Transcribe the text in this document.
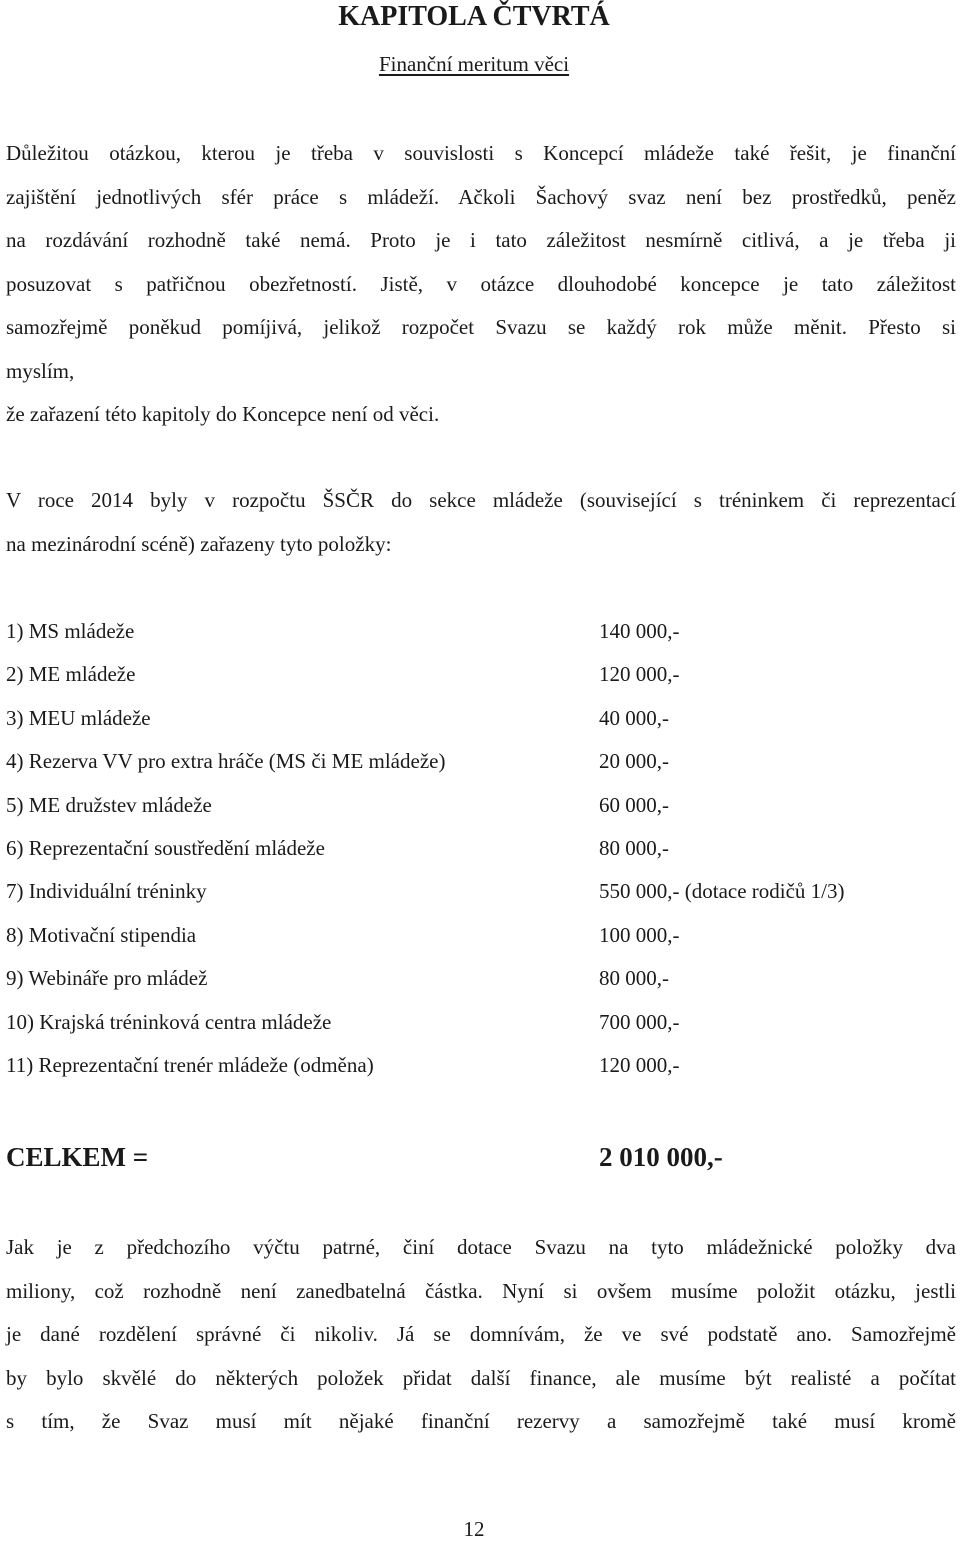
KAPITOLA ČTVRTÁ
Finanční meritum věci
Důležitou otázkou, kterou je třeba v souvislosti s Koncepcí mládeže také řešit, je finanční
zajištění jednotlivých sfér práce s mládeží. Ačkoli Šachový svaz není bez prostředků, peněz
na rozdávání rozhodně také nemá. Proto je i tato záležitost nesmírně citlivá, a je třeba ji
posuzovat s patřičnou obezřetností. Jistě, v otázce dlouhodobé koncepce je tato záležitost
samozřejmě poněkud pomíjivá, jelikož rozpočet Svazu se každý rok může měnit. Přesto si
myslím,
že zařazení této kapitoly do Koncepce není od věci.
V roce 2014 byly v rozpočtu ŠSČR do sekce mládeže (související s tréninkem či reprezentací
na mezinárodní scéně) zařazeny tyto položky:
1) MS mládeže	140 000,-
2) ME mládeže	120 000,-
3) MEU mládeže	40 000,-
4) Rezerva VV pro extra hráče (MS či ME mládeže)	20 000,-
5) ME družstev mládeže	60 000,-
6) Reprezentační soustředění mládeže	80 000,-
7) Individuální tréninky	550 000,- (dotace rodičů 1/3)
8) Motivační stipendia	100 000,-
9) Webináře pro mládež	80 000,-
10) Krajská tréninková centra mládeže	700 000,-
11) Reprezentační trenér mládeže (odměna)	120 000,-
CELKEM =	2 010 000,-
Jak je z předchozího výčtu patrné, činí dotace Svazu na tyto mládežnické položky dva
miliony, což rozhodně není zanedbatelná částka. Nyní si ovšem musíme položit otázku, jestli
je dané rozdělení správné či nikoliv. Já se domnívám, že ve své podstatě ano. Samozřejmě
by bylo skvělé do některých položek přidat další finance, ale musíme být realisté a počítat
s tím, že Svaz musí mít nějaké finanční rezervy a samozřejmě také musí kromě
12
